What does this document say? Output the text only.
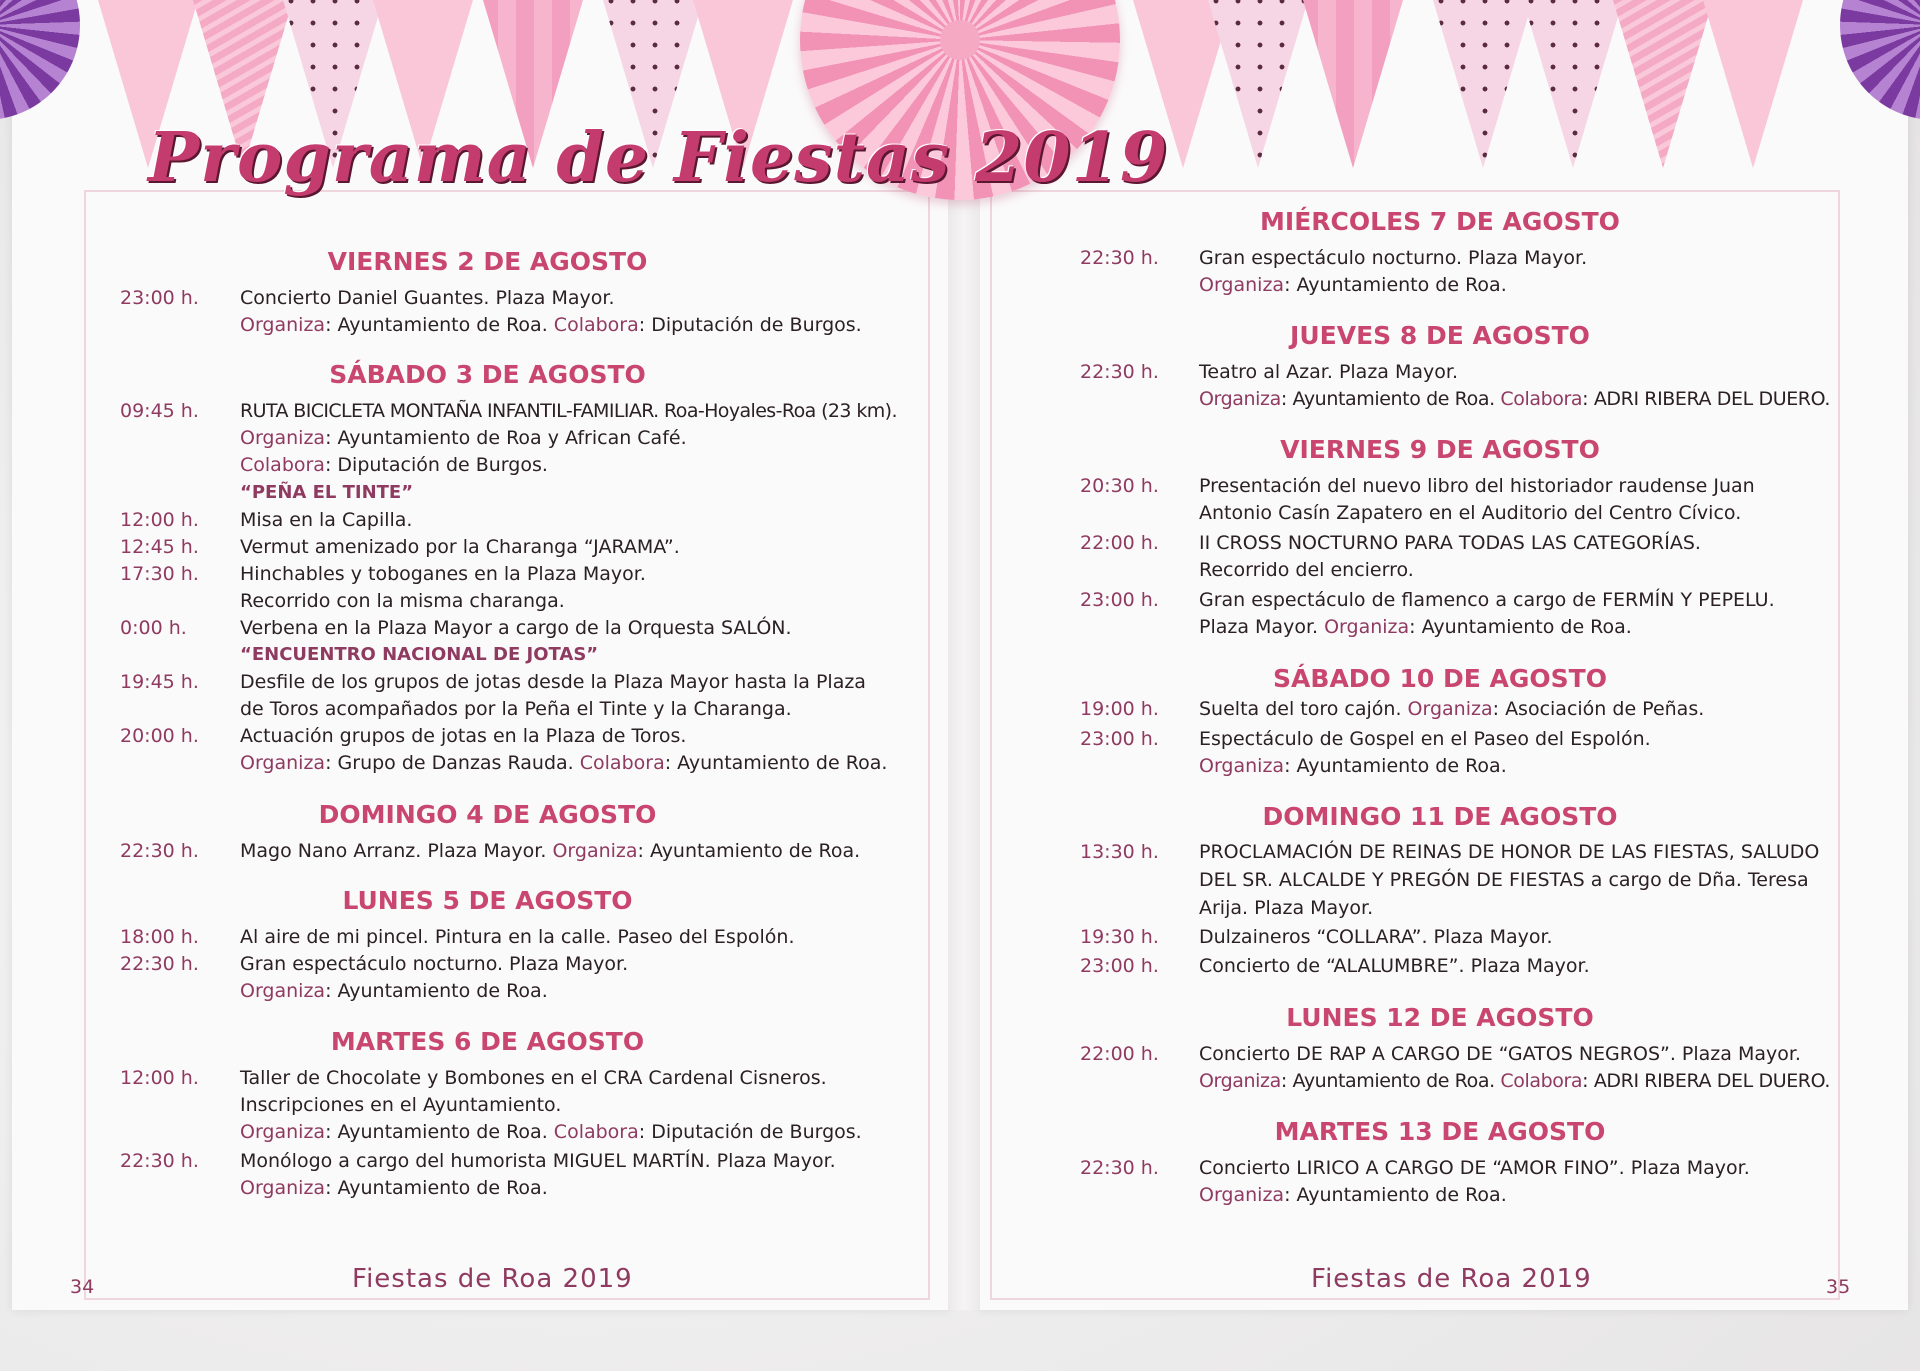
Programa de Fiestas 2019
VIERNES 2 DE AGOSTO
23:00 h. Concierto Daniel Guantes. Plaza Mayor.
Organiza: Ayuntamiento de Roa. Colabora: Diputación de Burgos.
SÁBADO 3 DE AGOSTO
09:45 h. RUTA BICICLETA MONTAÑA INFANTIL-FAMILIAR. Roa-Hoyales-Roa (23 km).
Organiza: Ayuntamiento de Roa y African Café.
Colabora: Diputación de Burgos.
“PEÑA EL TINTE”
12:00 h. Misa en la Capilla.
12:45 h. Vermut amenizado por la Charanga “JARAMA”.
17:30 h. Hinchables y toboganes en la Plaza Mayor.
Recorrido con la misma charanga.
0:00 h.	Verbena en la Plaza Mayor a cargo de la Orquesta SALÓN.
“ENCUENTRO NACIONAL DE JOTAS”
19:45 h. Desfile de los grupos de jotas desde la Plaza Mayor hasta la Plaza
de Toros acompañados por la Peña el Tinte y la Charanga.
20:00 h. Actuación grupos de jotas en la Plaza de Toros.
Organiza: Grupo de Danzas Rauda. Colabora: Ayuntamiento de Roa.
DOMINGO 4 DE AGOSTO
22:30 h. Mago Nano Arranz. Plaza Mayor. Organiza: Ayuntamiento de Roa.
LUNES 5 DE AGOSTO
18:00 h. Al aire de mi pincel. Pintura en la calle. Paseo del Espolón.
22:30 h. Gran espectáculo nocturno. Plaza Mayor.
Organiza: Ayuntamiento de Roa.
MARTES 6 DE AGOSTO
12:00 h. Taller de Chocolate y Bombones en el CRA Cardenal Cisneros.
Inscripciones en el Ayuntamiento.
Organiza: Ayuntamiento de Roa. Colabora: Diputación de Burgos.
22:30 h. Monólogo a cargo del humorista MIGUEL MARTÍN. Plaza Mayor.
Organiza: Ayuntamiento de Roa.
34	Fiestas de Roa 2019
MIÉRCOLES 7 DE AGOSTO
22:30 h. Gran espectáculo nocturno. Plaza Mayor.
Organiza: Ayuntamiento de Roa.
JUEVES 8 DE AGOSTO
22:30 h. Teatro al Azar. Plaza Mayor.
Organiza: Ayuntamiento de Roa. Colabora: ADRI RIBERA DEL DUERO.
VIERNES 9 DE AGOSTO
20:30 h. Presentación del nuevo libro del historiador raudense Juan
Antonio Casín Zapatero en el Auditorio del Centro Cívico.
22:00 h. II CROSS NOCTURNO PARA TODAS LAS CATEGORÍAS.
Recorrido del encierro.
23:00 h. Gran espectáculo de flamenco a cargo de FERMÍN Y PEPELU.
Plaza Mayor. Organiza: Ayuntamiento de Roa.
SÁBADO 10 DE AGOSTO
19:00 h. Suelta del toro cajón. Organiza: Asociación de Peñas.
23:00 h. Espectáculo de Gospel en el Paseo del Espolón.
Organiza: Ayuntamiento de Roa.
DOMINGO 11 DE AGOSTO
13:30 h. PROCLAMACIÓN DE REINAS DE HONOR DE LAS FIESTAS, SALUDO
DEL SR. ALCALDE Y PREGÓN DE FIESTAS a cargo de Dña. Teresa
Arija. Plaza Mayor.
19:30 h. Dulzaineros “COLLARA”. Plaza Mayor.
23:00 h. Concierto de “ALALUMBRE”. Plaza Mayor.
LUNES 12 DE AGOSTO
22:00 h. Concierto DE RAP A CARGO DE “GATOS NEGROS”. Plaza Mayor.
Organiza: Ayuntamiento de Roa. Colabora: ADRI RIBERA DEL DUERO.
MARTES 13 DE AGOSTO
22:30 h. Concierto LIRICO A CARGO DE “AMOR FINO”. Plaza Mayor.
Organiza: Ayuntamiento de Roa.
Fiestas de Roa 2019	35
